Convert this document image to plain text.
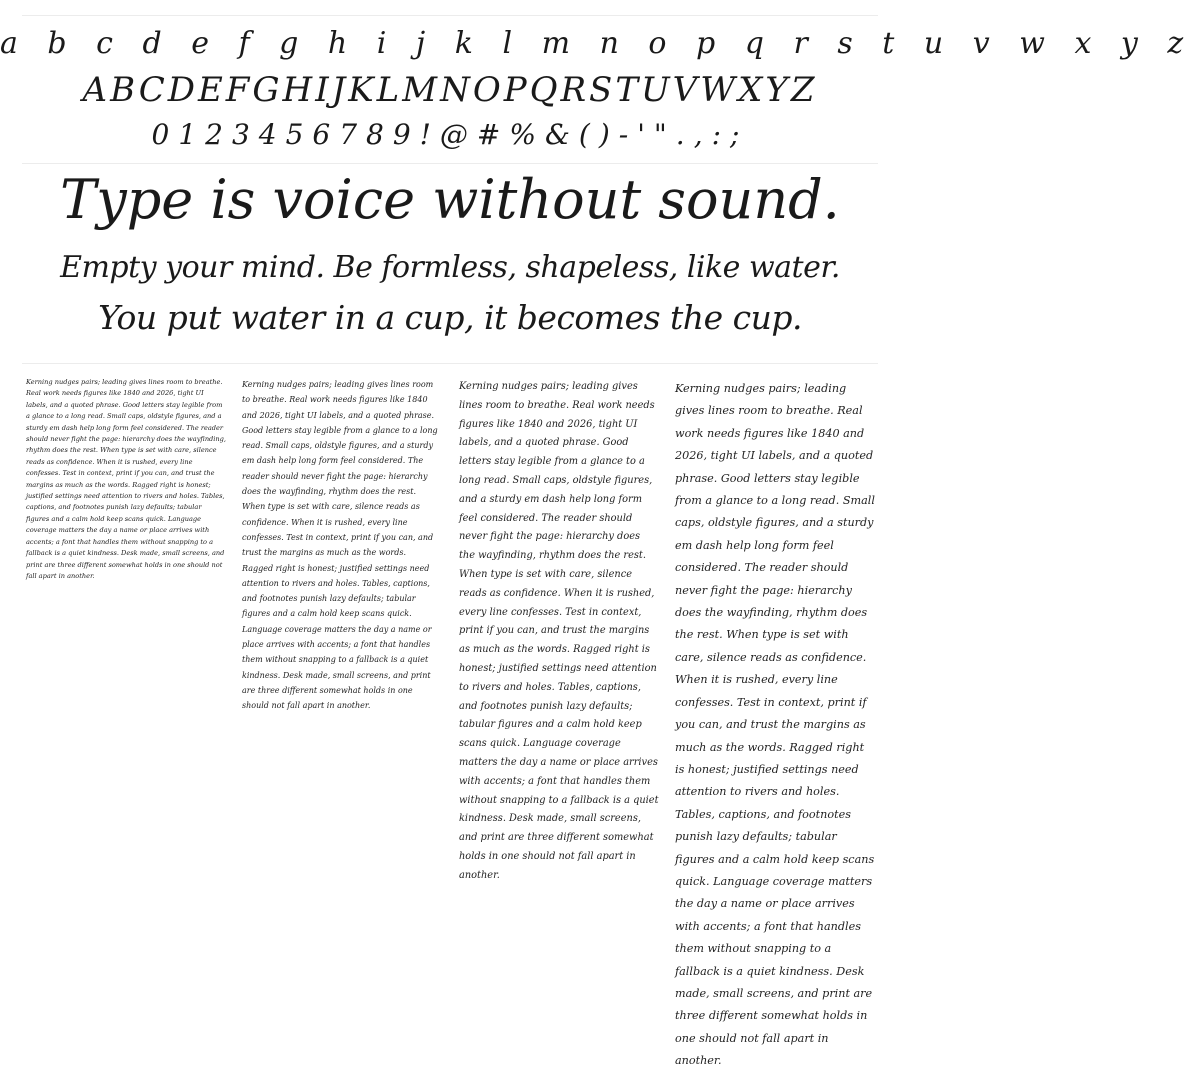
a b c d e f g h i j k l m n o p q r s t u v w x y z
ABCDEFGHIJKLMNOPQRSTUVWXYZ
0123456789!@#%&()-'".,:;
Type is voice without sound.
Empty your mind. Be formless, shapeless, like water.
You put water in a cup, it becomes the cup.
Kerning nudges pairs; leading gives lines room to breathe. Real work needs figures like 1840 and 2026, tight UI labels, and a quoted phrase. Good letters stay legible from a glance to a long read. Small caps, oldstyle figures, and a sturdy em dash help long form feel considered. The reader should never fight the page: hierarchy does the wayfinding, rhythm does the rest. When type is set with care, silence reads as confidence. When it is rushed, every line confesses. Test in context, print if you can, and trust the margins as much as the words. Ragged right is honest; justified settings need attention to rivers and holes. Tables, captions, and footnotes punish lazy defaults; tabular figures and a calm hold keep scans quick. Language coverage matters the day a name or place arrives with accents; a font that handles them without snapping to a fallback is a quiet kindness. Desk made, small screens, and print are three different somewhat holds in one should not fall apart in another.
Kerning nudges pairs; leading gives lines room to breathe. Real work needs figures like 1840 and 2026, tight UI labels, and a quoted phrase. Good letters stay legible from a glance to a long read. Small caps, oldstyle figures, and a sturdy em dash help long form feel considered. The reader should never fight the page: hierarchy does the wayfinding, rhythm does the rest. When type is set with care, silence reads as confidence. When it is rushed, every line confesses. Test in context, print if you can, and trust the margins as much as the words. Ragged right is honest; justified settings need attention to rivers and holes. Tables, captions, and footnotes punish lazy defaults; tabular figures and a calm hold keep scans quick. Language coverage matters the day a name or place arrives with accents; a font that handles them without snapping to a fallback is a quiet kindness. Desk made, small screens, and print are three different somewhat holds in one should not fall apart in another.
Kerning nudges pairs; leading gives lines room to breathe. Real work needs figures like 1840 and 2026, tight UI labels, and a quoted phrase. Good letters stay legible from a glance to a long read. Small caps, oldstyle figures, and a sturdy em dash help long form feel considered. The reader should never fight the page: hierarchy does the wayfinding, rhythm does the rest. When type is set with care, silence reads as confidence. When it is rushed, every line confesses. Test in context, print if you can, and trust the margins as much as the words. Ragged right is honest; justified settings need attention to rivers and holes. Tables, captions, and footnotes punish lazy defaults; tabular figures and a calm hold keep scans quick. Language coverage matters the day a name or place arrives with accents; a font that handles them without snapping to a fallback is a quiet kindness. Desk made, small screens, and print are three different somewhat holds in one should not fall apart in another.
Kerning nudges pairs; leading gives lines room to breathe. Real work needs figures like 1840 and 2026, tight UI labels, and a quoted phrase. Good letters stay legible from a glance to a long read. Small caps, oldstyle figures, and a sturdy em dash help long form feel considered. The reader should never fight the page: hierarchy does the wayfinding, rhythm does the rest. When type is set with care, silence reads as confidence. When it is rushed, every line confesses. Test in context, print if you can, and trust the margins as much as the words. Ragged right is honest; justified settings need attention to rivers and holes. Tables, captions, and footnotes punish lazy defaults; tabular figures and a calm hold keep scans quick. Language coverage matters the day a name or place arrives with accents; a font that handles them without snapping to a fallback is a quiet kindness. Desk made, small screens, and print are three different somewhat holds in one should not fall apart in another.
